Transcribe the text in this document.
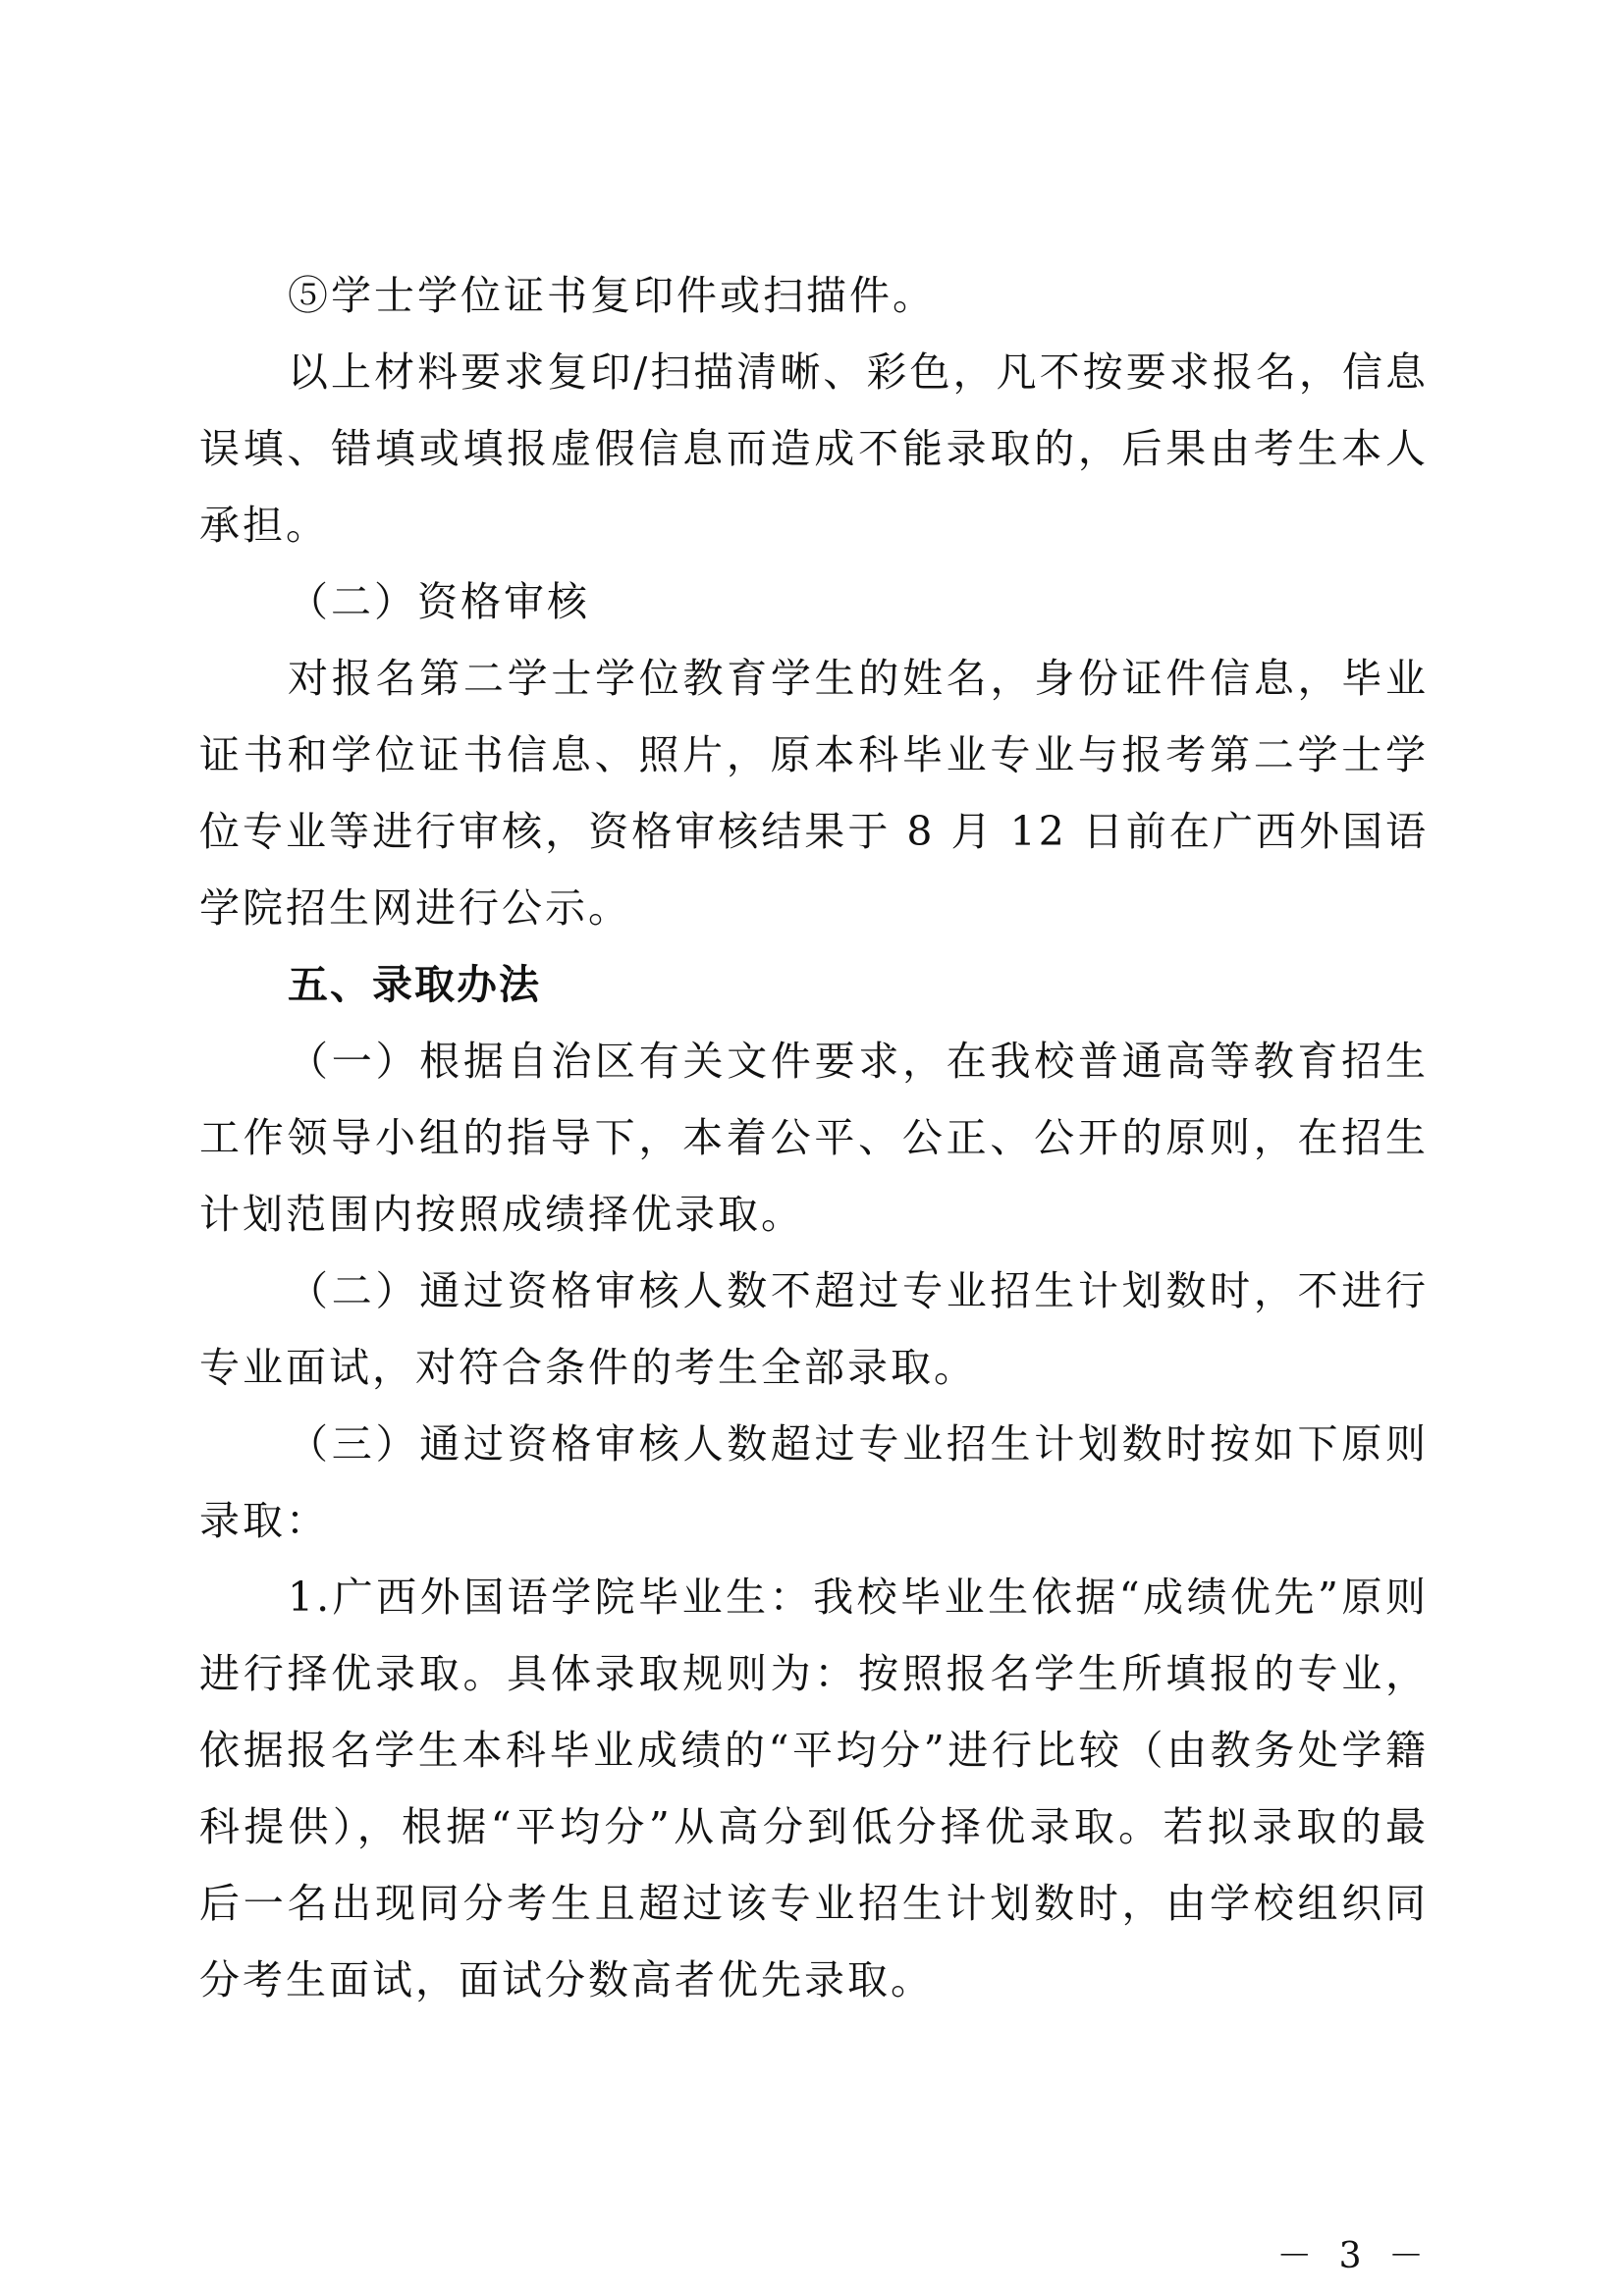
⑤学士学位证书复印件或扫描件。

以上材料要求复印/扫描清晰、彩色，凡不按要求报名，信息误填、错填或填报虚假信息而造成不能录取的，后果由考生本人承担。

（二）资格审核

对报名第二学士学位教育学生的姓名，身份证件信息，毕业证书和学位证书信息、照片，原本科毕业专业与报考第二学士学位专业等进行审核，资格审核结果于 8 月 12 日前在广西外国语学院招生网进行公示。

五、录取办法

（一）根据自治区有关文件要求，在我校普通高等教育招生工作领导小组的指导下，本着公平、公正、公开的原则，在招生计划范围内按照成绩择优录取。

（二）通过资格审核人数不超过专业招生计划数时，不进行专业面试，对符合条件的考生全部录取。

（三）通过资格审核人数超过专业招生计划数时按如下原则录取：

1.广西外国语学院毕业生：我校毕业生依据“成绩优先”原则进行择优录取。具体录取规则为：按照报名学生所填报的专业，依据报名学生本科毕业成绩的“平均分”进行比较（由教务处学籍科提供），根据“平均分”从高分到低分择优录取。若拟录取的最后一名出现同分考生且超过该专业招生计划数时，由学校组织同分考生面试，面试分数高者优先录取。

－ 3 －
